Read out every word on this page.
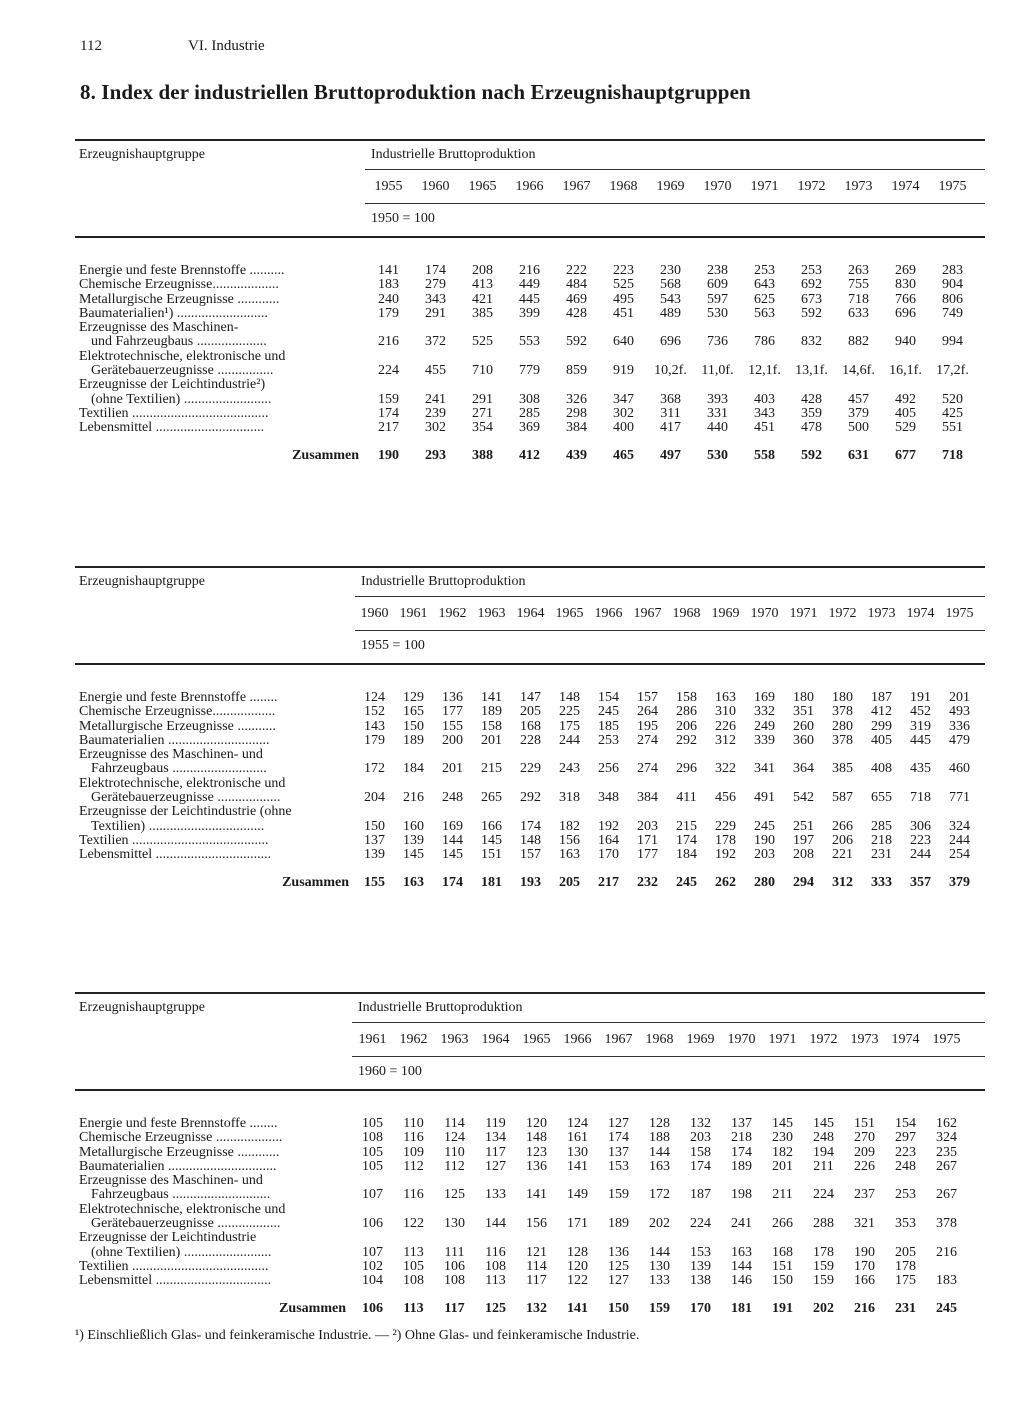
112	VI. Industrie
8. Index der industriellen Bruttoproduktion nach Erzeugnishauptgruppen
Erzeugnishauptgruppe	Industrielle Bruttoproduktion
1955	1960	1965	1966	1967	1968	1969	1970	1971	1972	1973	1974	1975
1950 = 100
Energie und feste Brennstoffe ..........	141	174	208	216	222	223	230	238	253	253	263	269	283
Chemische Erzeugnisse...................	183	279	413	449	484	525	568	609	643	692	755	830	904
Metallurgische Erzeugnisse ............	240	343	421	445	469	495	543	597	625	673	718	766	806
Baumaterialien¹) ..........................	179	291	385	399	428	451	489	530	563	592	633	696	749
Erzeugnisse des Maschinen-
und Fahrzeugbaus ....................	216	372	525	553	592	640	696	736	786	832	882	940	994
Elektrotechnische, elektronische und
Gerätebauerzeugnisse ................	224	455	710	779	859	919	10,2f.	11,0f.	12,1f.	13,1f.	14,6f.	16,1f.	17,2f.
Erzeugnisse der Leichtindustrie²)
(ohne Textilien) .........................	159	241	291	308	326	347	368	393	403	428	457	492	520
Textilien .......................................	174	239	271	285	298	302	311	331	343	359	379	405	425
Lebensmittel ...............................	217	302	354	369	384	400	417	440	451	478	500	529	551
Zusammen	190	293	388	412	439	465	497	530	558	592	631	677	718
Erzeugnishauptgruppe	Industrielle Bruttoproduktion
1960 1961 1962 1963 1964 1965 1966 1967 1968 1969 1970 1971 1972 1973 1974 1975
1955 = 100
Energie und feste Brennstoffe ........	124	129	136	141	147	148	154	157	158	163	169	180	180	187	191	201
Chemische Erzeugnisse..................	152	165	177	189	205	225	245	264	286	310	332	351	378	412	452	493
Metallurgische Erzeugnisse ...........	143	150	155	158	168	175	185	195	206	226	249	260	280	299	319	336
Baumaterialien .............................	179	189	200	201	228	244	253	274	292	312	339	360	378	405	445	479
Erzeugnisse des Maschinen- und
Fahrzeugbaus ...........................	172	184	201	215	229	243	256	274	296	322	341	364	385	408	435	460
Elektrotechnische, elektronische und
Gerätebauerzeugnisse ..................	204	216	248	265	292	318	348	384	411	456	491	542	587	655	718	771
Erzeugnisse der Leichtindustrie (ohne
Textilien) .................................	150	160	169	166	174	182	192	203	215	229	245	251	266	285	306	324
Textilien .......................................	137	139	144	145	148	156	164	171	174	178	190	197	206	218	223	244
Lebensmittel .................................	139	145	145	151	157	163	170	177	184	192	203	208	221	231	244	254
Zusammen	155	163	174	181	193	205	217	232	245	262	280	294	312	333	357	379
Erzeugnishauptgruppe	Industrielle Bruttoproduktion
1961 1962 1963 1964 1965 1966 1967 1968 1969 1970 1971 1972 1973 1974 1975
1960 = 100
Energie und feste Brennstoffe ........	105	110	114	119	120	124	127	128	132	137	145	145	151	154	162
Chemische Erzeugnisse ...................	108	116	124	134	148	161	174	188	203	218	230	248	270	297	324
Metallurgische Erzeugnisse ............	105	109	110	117	123	130	137	144	158	174	182	194	209	223	235
Baumaterialien ...............................	105	112	112	127	136	141	153	163	174	189	201	211	226	248	267
Erzeugnisse des Maschinen- und
Fahrzeugbaus ............................	107	116	125	133	141	149	159	172	187	198	211	224	237	253	267
Elektrotechnische, elektronische und
Gerätebauerzeugnisse ..................	106	122	130	144	156	171	189	202	224	241	266	288	321	353	378
Erzeugnisse der Leichtindustrie
(ohne Textilien) .........................	107	113	111	116	121	128	136	144	153	163	168	178	190	205	216
Textilien .......................................	102	105	106	108	114	120	125	130	139	144	151	159	170	178
Lebensmittel .................................	104	108	108	113	117	122	127	133	138	146	150	159	166	175	183
Zusammen	106	113	117	125	132	141	150	159	170	181	191	202	216	231	245
¹) Einschließlich Glas- und feinkeramische Industrie. — ²) Ohne Glas- und feinkeramische Industrie.
